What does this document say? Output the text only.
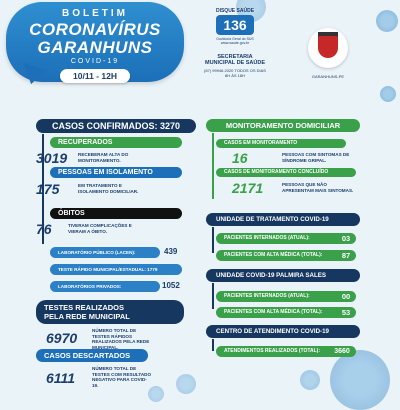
BOLETIM
CORONAVÍRUS
GARANHUNS
COVID-19
10/11 - 12H
DISQUE SAÚDE
136
Ouvidoria Geral do SUS www.saude.gov.br
SECRETARIA MUNICIPAL DE SAÚDE
(87) 99946.2020 TODOS OS DIAS 8H ÀS 18H	GARANHUNS-PE
CASOS CONFIRMADOS: 3270
RECUPERADOS
3019 RECEBERAM ALTA DO MONITORAMENTO.
PESSOAS EM ISOLAMENTO
175	EM TRATAMENTO E ISOLAMENTO DOMICILIAR.
ÓBITOS
76	TIVERAM COMPLICAÇÕES E VIERAM A ÓBITO.
LABORATÓRIO PÚBLICO (LACEN):	439
TESTE RÁPIDO MUNICIPAL/ESTADUAL: 1779
LABORATÓRIOS PRIVADOS:	1052
TESTES REALIZADOS
PELA REDE MUNICIPAL
6970	NÚMERO TOTAL DE TESTES RÁPIDOS REALIZADOS PELA REDE MUNICIPAL.
CASOS DESCARTADOS
6111
NÚMERO TOTAL DE TESTES COM RESULTADO NEGATIVO PARA COVID-19.
MONITORAMENTO DOMICILIAR
CASOS EM MONITORAMENTO
16	PESSOAS COM SINTOMAS DE SÍNDROME GRIPAL.
CASOS DE MONITORAMENTO CONCLUÍDO
2171	PESSOAS QUE NÃO APRESENTAM MAIS SINTOMAS.
UNIDADE DE TRATAMENTO COVID-19
PACIENTES INTERNADOS (ATUAL):	03
PACIENTES COM ALTA MÉDICA (TOTAL):	87
UNIDADE COVID-19 PALMIRA SALES
PACIENTES INTERNADOS (ATUAL):	00
PACIENTES COM ALTA MÉDICA (TOTAL):	53
CENTRO DE ATENDIMENTO COVID-19
ATENDIMENTOS REALIZADOS (TOTAL):	3660
